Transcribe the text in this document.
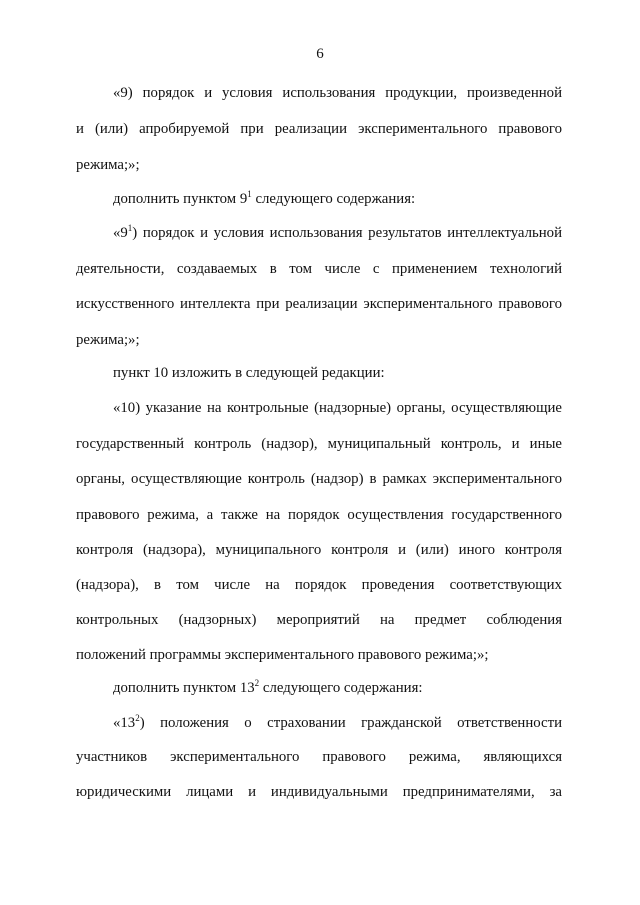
6
«9) порядок и условия использования продукции, произведенной
и (или) апробируемой при реализации экспериментального правового
режима;»;
дополнить пунктом $9^1$ следующего содержания:
«$9^1$) порядок и условия использования результатов интеллектуальной
деятельности, создаваемых в том числе с применением технологий
искусственного интеллекта при реализации экспериментального правового
режима;»;
пункт 10 изложить в следующей редакции:
«10) указание на контрольные (надзорные) органы, осуществляющие
государственный контроль (надзор), муниципальный контроль, и иные
органы, осуществляющие контроль (надзор) в рамках экспериментального
правового режима, а также на порядок осуществления государственного
контроля (надзора), муниципального контроля и (или) иного контроля
(надзора), в том числе на порядок проведения соответствующих
контрольных (надзорных) мероприятий на предмет соблюдения
положений программы экспериментального правового режима;»;
дополнить пунктом $13^2$ следующего содержания:
«$13^2$) положения о страховании гражданской ответственности
участников экспериментального правового режима, являющихся
юридическими лицами и индивидуальными предпринимателями, за
